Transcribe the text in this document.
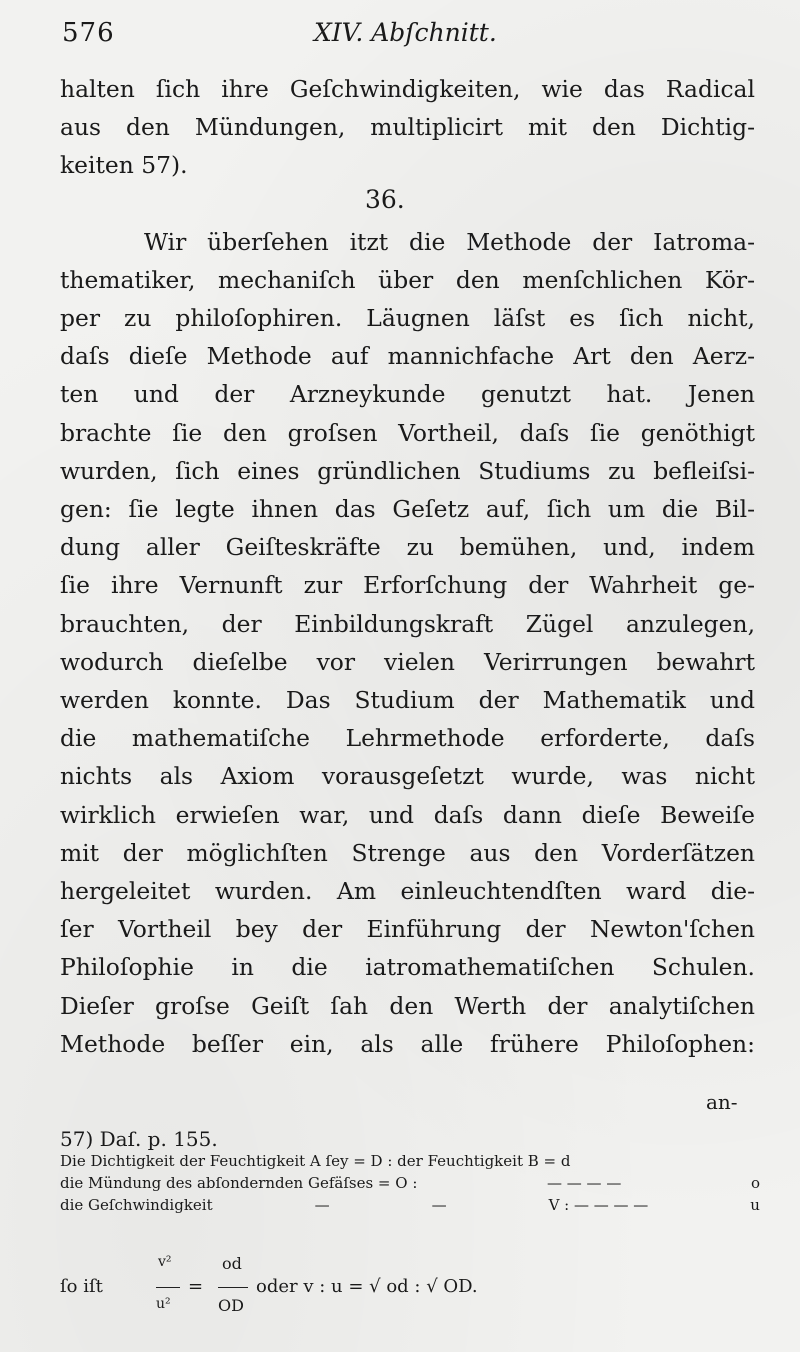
576	XIV. Abſchnitt.
halten ſich ihre Geſchwindigkeiten, wie das Radical
aus den Mündungen, multiplicirt mit den Dichtig-
keiten 57).
Wir überſehen itzt die Methode der Iatroma-
thematiker, mechaniſch über den menſchlichen Kör-
per zu philoſophiren. Läugnen läſst es ſich nicht,
daſs dieſe Methode auf mannichfache Art den Aerz-
ten und der Arzneykunde genutzt hat. Jenen
brachte ſie den groſsen Vortheil, daſs ſie genöthigt
wurden, ſich eines gründlichen Studiums zu befleiſsi-
gen: ſie legte ihnen das Geſetz auf, ſich um die Bil-
dung aller Geiſteskräfte zu bemühen, und, indem
ſie ihre Vernunft zur Erforſchung der Wahrheit ge-
brauchten, der Einbildungskraft Zügel anzulegen,
wodurch dieſelbe vor vielen Verirrungen bewahrt
werden konnte. Das Studium der Mathematik und
die mathematiſche Lehrmethode erforderte, daſs
nichts als Axiom vorausgeſetzt wurde, was nicht
wirklich erwieſen war, und daſs dann dieſe Beweiſe
mit der möglichſten Strenge aus den Vorderſätzen
hergeleitet wurden. Am einleuchtendſten ward die-
ſer Vortheil bey der Einführung der Newton'ſchen
Philoſophie in die iatromathematiſchen Schulen.
Dieſer groſse Geiſt ſah den Werth der analytiſchen
Methode beſſer ein, als alle frühere Philoſophen:
36.
an-
57) Daſ. p. 155.
Die Dichtigkeit der Feuchtigkeit A ſey = D : der Feuchtigkeit B = d
die Mündung des abſondernden Gefäſses = O :	— — — —	o
die Geſchwindigkeit	—	—	V : — — — —	u
ſo iſt
v²
u²
=
od
OD
oder v : u = √ od : √ OD.
